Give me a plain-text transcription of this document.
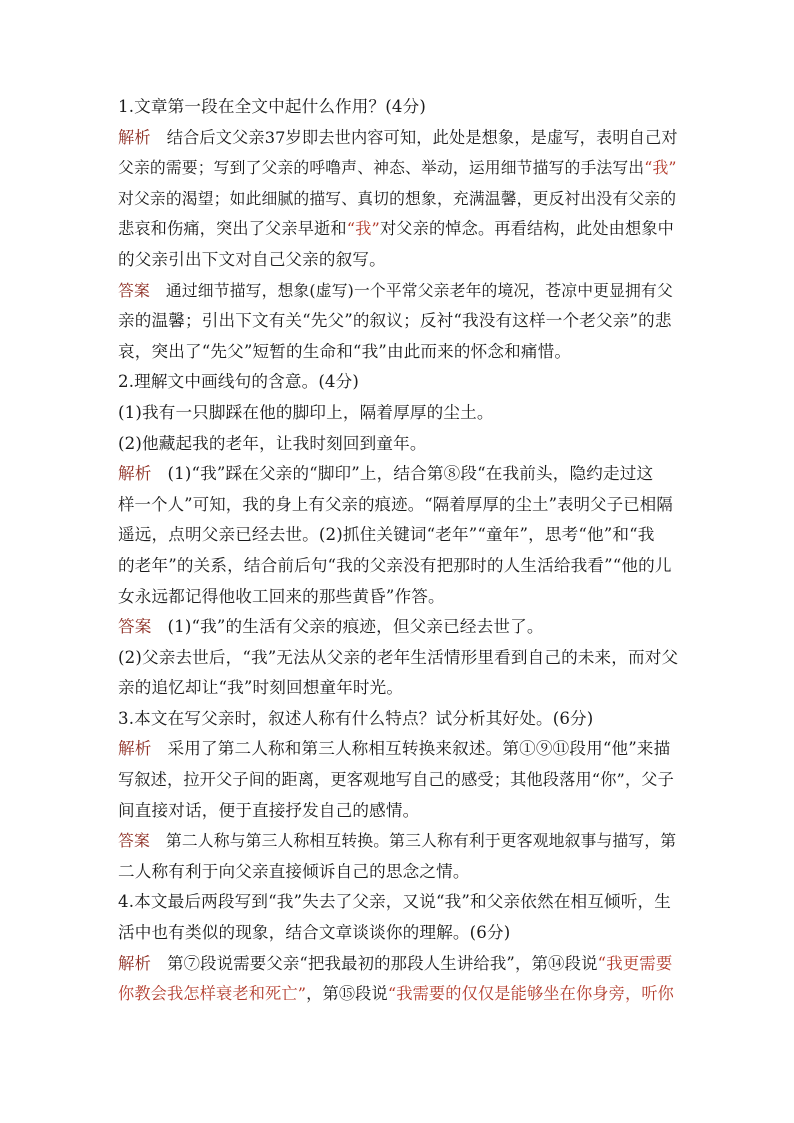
1.文章第一段在全文中起什么作用？(4分)
解析 结合后文父亲37岁即去世内容可知，此处是想象，是虚写，表明自己对
父亲的需要；写到了父亲的呼噜声、神态、举动，运用细节描写的手法写出“我”
对父亲的渴望；如此细腻的描写、真切的想象，充满温馨，更反衬出没有父亲的
悲哀和伤痛，突出了父亲早逝和“我”对父亲的悼念。再看结构，此处由想象中
的父亲引出下文对自己父亲的叙写。
答案 通过细节描写，想象(虚写)一个平常父亲老年的境况，苍凉中更显拥有父
亲的温馨；引出下文有关“先父”的叙议；反衬“我没有这样一个老父亲”的悲
哀，突出了“先父”短暂的生命和“我”由此而来的怀念和痛惜。
2.理解文中画线句的含意。(4分)
(1)我有一只脚踩在他的脚印上，隔着厚厚的尘土。
(2)他藏起我的老年，让我时刻回到童年。
解析 (1)“我”踩在父亲的“脚印”上，结合第⑧段“在我前头，隐约走过这
样一个人”可知，我的身上有父亲的痕迹。“隔着厚厚的尘土”表明父子已相隔
遥远，点明父亲已经去世。(2)抓住关键词“老年”“童年”，思考“他”和“我
的老年”的关系，结合前后句“我的父亲没有把那时的人生活给我看”“他的儿
女永远都记得他收工回来的那些黄昏”作答。
答案 (1)“我”的生活有父亲的痕迹，但父亲已经去世了。
(2)父亲去世后，“我”无法从父亲的老年生活情形里看到自己的未来，而对父
亲的追忆却让“我”时刻回想童年时光。
3.本文在写父亲时，叙述人称有什么特点？试分析其好处。(6分)
解析 采用了第二人称和第三人称相互转换来叙述。第①⑨⑪段用“他”来描
写叙述，拉开父子间的距离，更客观地写自己的感受；其他段落用“你”，父子
间直接对话，便于直接抒发自己的感情。
答案 第二人称与第三人称相互转换。第三人称有利于更客观地叙事与描写，第
二人称有利于向父亲直接倾诉自己的思念之情。
4.本文最后两段写到“我”失去了父亲，又说“我”和父亲依然在相互倾听，生
活中也有类似的现象，结合文章谈谈你的理解。(6分)
解析 第⑦段说需要父亲“把我最初的那段人生讲给我”，第⑭段说“我更需要
你教会我怎样衰老和死亡”，第⑮段说“我需要的仅仅是能够坐在你身旁，听你
